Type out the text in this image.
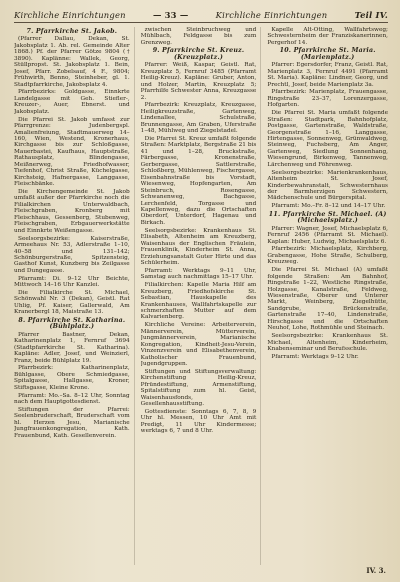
Kirchliche Einrichtungen	— 33 —	Kirchliche Einrichtungen	Teil IV.
7. Pfarrkirche St. Jakob.

(Pfarrer Dallau, Dekan, St. Jakobsplatz 1. Ab. rel. Gemeinde Alter 1868.) Pf. der Pfarrer Götze 9804 († 3890). Kaplänne: Wallek, Georg, Stüllpropst. St. Jakobsplatz 1. Bein, Josef, Pfarr. Zobelsauf, 4 F., 9804; Frühwirth, Benno, Steinheber, gl. 1. Stadtpfarrkirche, Jakobsplatz 4.

Pfarrbezirks: Goldgasse, Einnkrte Landelgasse mit Geh. Stiefler-, Kreuzer-, Auer, Ebnerst. und Jakobsplatz.

Die Pfarrei St. Jakob umfasst zur Pfarrgrenze: Judenbergspl. Amalienfreiung, Stadtmauerweg 14–160, Wien, Westend, Kronerhaus, Kirchgasse bis zur Schloßgasse, Mauerbastei, Kaufhaus, Hauptstraße, Rathausplatz, Blindengasse, Meißnerweg, Friedhofwasser, Tiefenhof, Christ Straße, Küchelgasse, Kirchsteig, Hafnergasse, Langgasse, Fleischbänke.

Die Kirchengemeinde St. Jakob umfaßt außer der Pfarrkirche noch die Filialkirchen Unterwaldbach, Fleischgraben, Kronberg mit Fleischhaus, Gessenberg, Stubenweg, Fleischgraben, Erbgauerwerkstätte und Einnkrte Weißengasse.

Seelsorgsbezirke: Kaiserstraße, Armeehaus Nr. 53, Adlerstraße 1–10, 40–58 und 131–142; Schönburgerstraße, Spitzensteig, Gasthof Kunst, Kunzberg bis Zeilgasse und Dungegasse.

Pfarramt: Di. 9–12 Uhr Beichte, Mittwoch 14–16 Uhr Kanzlei.

Die Filialkirche St. Michael, Schönwahl Nr. 3 (Dekan), Geistl. Rat Uhlig, Pf. Kaiser, Gallerwald, Am Kranerbergl 18, Maistraße 13.

8. Pfarrkirche St. Katharina. (Bühlplatz.)

Pfarrer Bastner, Dekan, Katharinenplatz 1, Fernruf 3694 (Stadtpfarrkirche St. Katharina). Kapläne: Adler, Josef, und Weinzierl, Franz, beide Bühlplatz 19.

Pfarrbezirk: Katharinenplatz, Bühlgasse, Obere Schmiedgasse, Spitalgasse, Hallgasse, Kroner, Stiftsgasse, Kleine Krone.

Pfarramt: Mo.–Sa. 8–12 Uhr, Sonntag nach dem Hauptgottesdienst.

Stiftungen der Pfarrei: Seelenbruderschaft, Bruderschaft vom hl. Herzen Jesu, Marianische Jungfrauenkongregation, Kath. Frauenbund, Kath. Gesellenverein.

zwischen Steinbruchweg und Mühlbach, Feldgasse bis zum Grenzweg.

9. Pfarrkirche St. Kreuz. (Kreuzplatz.)

Pfarrer: Weiß, Kaspar, Geistl. Rat, Kreuzplatz 5, Fernruf 3485 (Pfarramt Heilig-Kreuz). Kapläne: Gruber, Anton, und Holzer, Martin, Kreuzplatz 5; Pfarrhilfe Schwester Anna, Kreuzgasse 2.

Pfarrbezirk: Kreuzplatz, Kreuzgasse, Heiligkreuzstraße, Gartenweg, Lindenallee, Schulstraße, Brunnengasse, Am Graben, Uferstraße 1–48, Mühlweg und Ziegelstadel.

Die Pfarrei St. Kreuz umfaßt folgende Straßen: Marktplatz, Bergstraße 21 bis 41 und 1–28, Bruckstraße, Färbergasse, Kronenstraße, Gerbergasse, Sattlerstraße, Schloßberg, Mühlenweg, Fischergasse, Eisenbahnstraße bis Vorstadt, Wiesenweg, Hopfengarten, Am Steinbruch, Rosengasse, Schwanenweg, Bachgasse, Lerchenfeld, Torgasse und Kapellenweg, dazu die Ortschaften Oberdorf, Unterdorf, Hagenau und Birkach.

Seelsorgsbezirke: Krankenhaus St. Elisabeth, Altenheim am Kreuzberg, Waisenhaus der Englischen Fräulein, Frauenklinik, Kinderheim St. Anna, Erziehungsanstalt Guter Hirte und das Schülerheim.

Pfarramt: Werktags 9–11 Uhr, Samstag auch nachmittags 15–17 Uhr.

Filialkirchen: Kapelle Maria Hilf am Kreuzberg, Friedhofskirche St. Sebastian, Hauskapelle des Krankenhauses, Wallfahrtskapelle zur schmerzhaften Mutter auf dem Kalvarienberg.

Kirchliche Vereine: Arbeiterverein, Männerverein, Mütterverein, Jungmännerverein, Marianische Kongregation, Kindheit-Jesu-Verein, Vinzenzverein und Elisabethenverein, Katholischer Frauenbund, Jugendgruppen.

Stiftungen und Stiftungsverwaltung: Kirchenstiftung Heilig-Kreuz, Pfründestiftung, Armenstiftung, Spitalstiftung zum hl. Geist, Waisenhausfonds, Gesellenhausstiftung.

Gottesdienste: Sonntags 6, 7, 8, 9 Uhr hl. Messen, 10 Uhr Amt mit Predigt, 11 Uhr Kindermesse; werktags 6, 7 und 8 Uhr.

Kapelle Alt-Ötting, Wallfahrtsweg; Schwesternheim der Franziskanerinnen, Pergerhof 14.

10. Pfarrkirche St. Maria. (Marienplatz.)

Pfarrer: Egersdorfer, Franz, Geistl. Rat, Marienplatz 3, Fernruf 4491 (Pfarramt St. Maria). Kapläne: Lindner, Georg, und Prechtl, Josef, beide Marienplatz 3a.

Pfarrbezirk: Marienplatz, Frauengasse, Ringstraße 23–37, Lorenzergasse, Hofgarten.

Die Pfarrei St. Maria umfaßt folgende Straßen: Stadtpark, Bahnhofplatz, Postgasse, Gartenstraße, Waldstraße, Georgenstraße 1–16, Langgasse, Hirtengasse, Sonnenweg, Grünwaldweg, Steinweg, Fuchsberg, Am Anger, Gartenweg, Siedlung Sonnenhang, Wiesengrund, Birkenweg, Tannenweg, Lärchenweg und Föhrenweg.

Seelsorgsbezirke: Marienkrankenhaus, Altenheim St. Josef, Kinderbewahranstalt, Schwesternhaus der Barmherzigen Schwestern, Mädchenschule und Bürgerspital.

Pfarramt: Mo.–Fr. 8–12 und 14–17 Uhr.

11. Pfarrkirche St. Michael. (A) (Michaelsplatz.)

Pfarrer: Wagner, Josef, Michaelsplatz 6, Fernruf 2456 (Pfarramt St. Michael). Kaplan: Huber, Ludwig, Michaelsplatz 6.

Pfarrbezirk: Michaelsplatz, Kirchberg, Grabengasse, Hohe Straße, Schulberg, Kreuzweg.

Die Pfarrei St. Michael (A) umfaßt folgende Straßen: Am Bahnhof, Ringstraße 1–22, Westliche Ringstraße, Holzgasse, Kanalstraße, Feldweg, Wiesenstraße, Oberer und Unterer Markt, Weinberg, Ziegelhütte, Sandgrube, Brückenstraße, Gartenstraße 17–40, Lindenstraße, Hirschgasse und die Ortschaften Neuhof, Lohe, Rothmühle und Steinach.

Seelsorgsbezirke: Krankenhaus St. Michael, Altenheim, Kinderheim, Knabenseminar und Berufsschule.

Pfarramt: Werktags 9–12 Uhr.

IV. 3.
